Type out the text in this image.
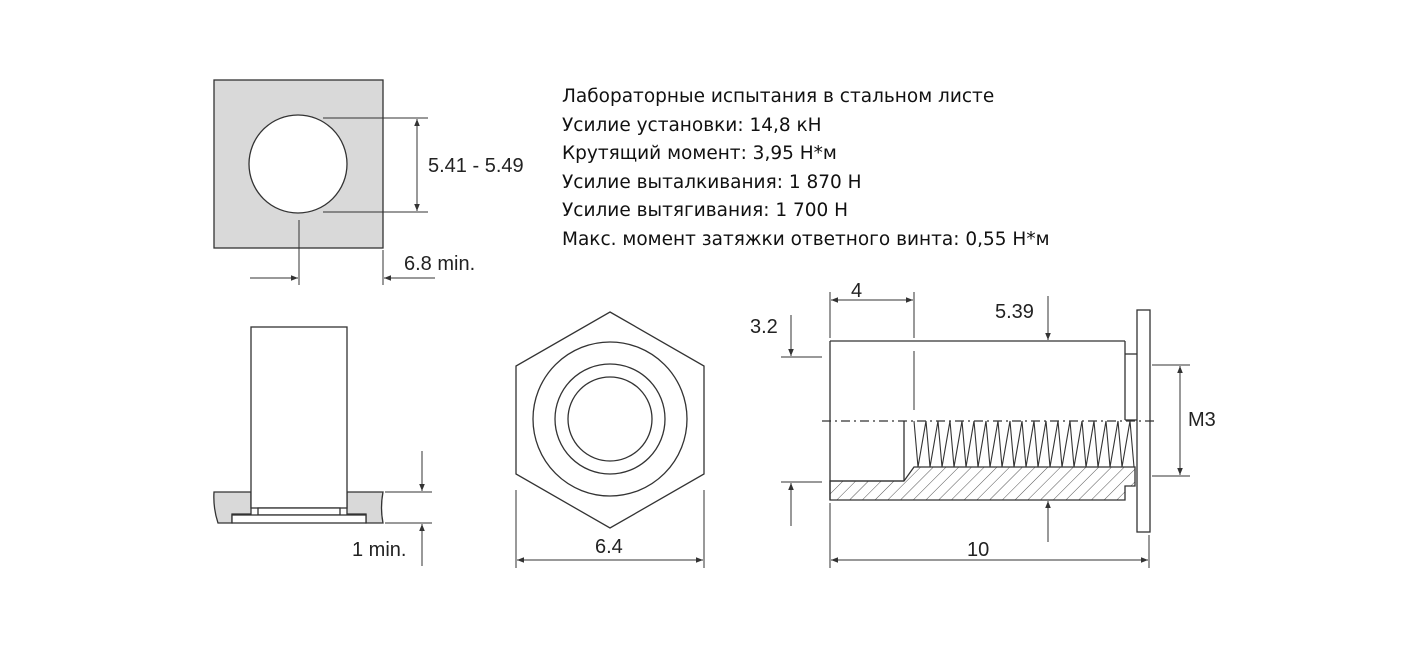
5.41 - 5.49
6.8 min.
1 min.	6.4
4
3.2
5.39
M3
10
Лабораторные испытания в стальном листе
Усилие установки: 14,8 кН
Крутящий момент: 3,95 Н*м
Усилие выталкивания: 1 870 Н
Усилие вытягивания: 1 700 Н
Макс. момент затяжки ответного винта: 0,55 Н*м
